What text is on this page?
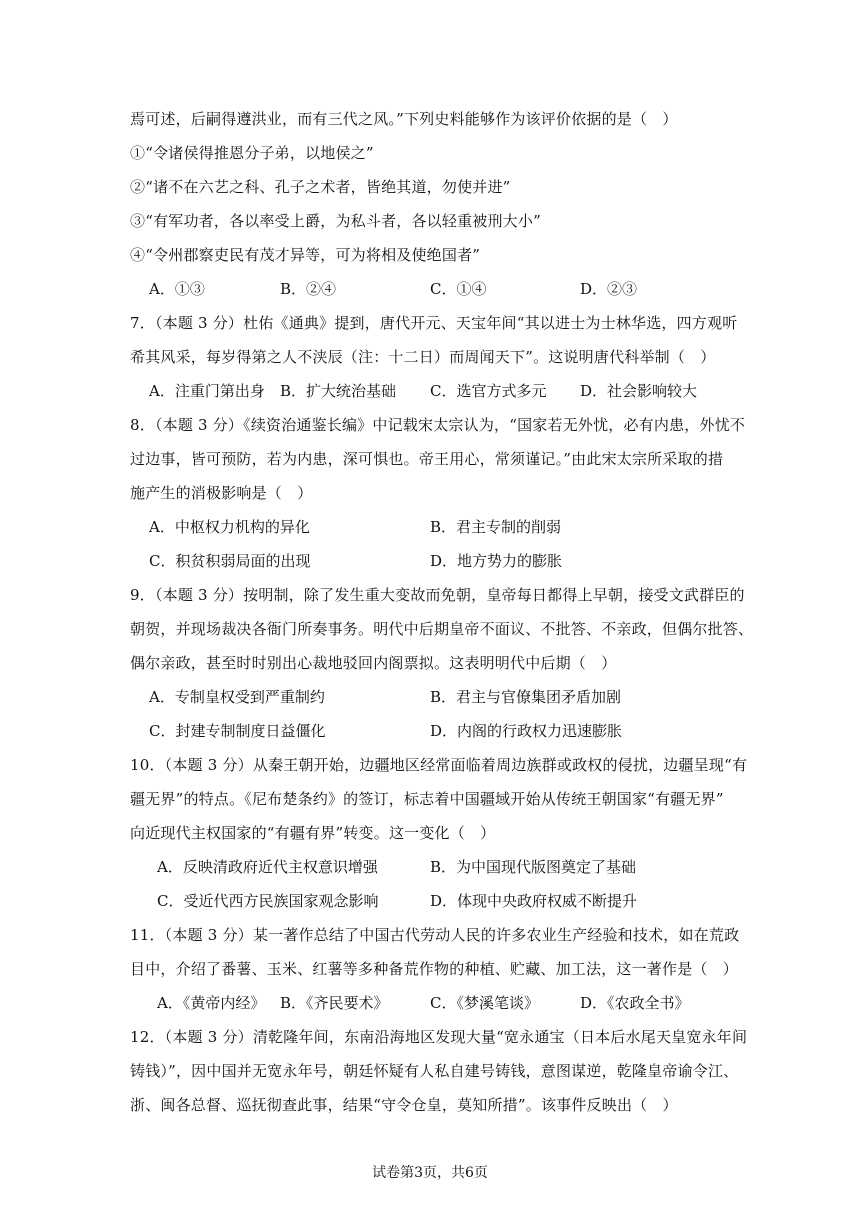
焉可述，后嗣得遵洪业，而有三代之风。”下列史料能够作为该评价依据的是（　）
①“令诸侯得推恩分子弟，以地侯之”
②“诸不在六艺之科、孔子之术者，皆绝其道，勿使并进”
③“有军功者，各以率受上爵，为私斗者，各以轻重被刑大小”
④“令州郡察吏民有茂才异等，可为将相及使绝国者”
A．①③	B．②④	C．①④	D．②③
7．（本题 3 分）杜佑《通典》提到，唐代开元、天宝年间“其以进士为士林华选，四方观听
希其风采，每岁得第之人不浃辰（注：十二日）而周闻天下”。这说明唐代科举制（　）
A．注重门第出身 B．扩大统治基础 C．选官方式多元 D．社会影响较大
8．（本题 3 分）《续资治通鉴长编》中记载宋太宗认为，“国家若无外忧，必有内患，外忧不
过边事，皆可预防，若为内患，深可惧也。帝王用心，常须谨记。”由此宋太宗所采取的措
施产生的消极影响是（　）
A．中枢权力机构的异化	B．君主专制的削弱
C．积贫积弱局面的出现	D．地方势力的膨胀
9．（本题 3 分）按明制，除了发生重大变故而免朝，皇帝每日都得上早朝，接受文武群臣的
朝贺，并现场裁决各衙门所奏事务。明代中后期皇帝不面议、不批答、不亲政，但偶尔批答、
偶尔亲政，甚至时时别出心裁地驳回内阁票拟。这表明明代中后期（　）
A．专制皇权受到严重制约	B．君主与官僚集团矛盾加剧
C．封建专制制度日益僵化	D．内阁的行政权力迅速膨胀
10．（本题 3 分）从秦王朝开始，边疆地区经常面临着周边族群或政权的侵扰，边疆呈现“有
疆无界”的特点。《尼布楚条约》的签订，标志着中国疆域开始从传统王朝国家“有疆无界”
向近现代主权国家的“有疆有界”转变。这一变化（　）
A．反映清政府近代主权意识增强	B．为中国现代版图奠定了基础
C．受近代西方民族国家观念影响	D．体现中央政府权威不断提升
11．（本题 3 分）某一著作总结了中国古代劳动人民的许多农业生产经验和技术，如在荒政
目中，介绍了番薯、玉米、红薯等多种备荒作物的种植、贮藏、加工法，这一著作是（　）
A．《黄帝内经》 B．《齐民要术》	C．《梦溪笔谈》	D．《农政全书》
12．（本题 3 分）清乾隆年间，东南沿海地区发现大量“宽永通宝（日本后水尾天皇宽永年间
铸钱）”，因中国并无宽永年号，朝廷怀疑有人私自建号铸钱，意图谋逆，乾隆皇帝谕令江、
浙、闽各总督、巡抚彻查此事，结果“守令仓皇，莫知所措”。该事件反映出（　）
试卷第3页，共6页
